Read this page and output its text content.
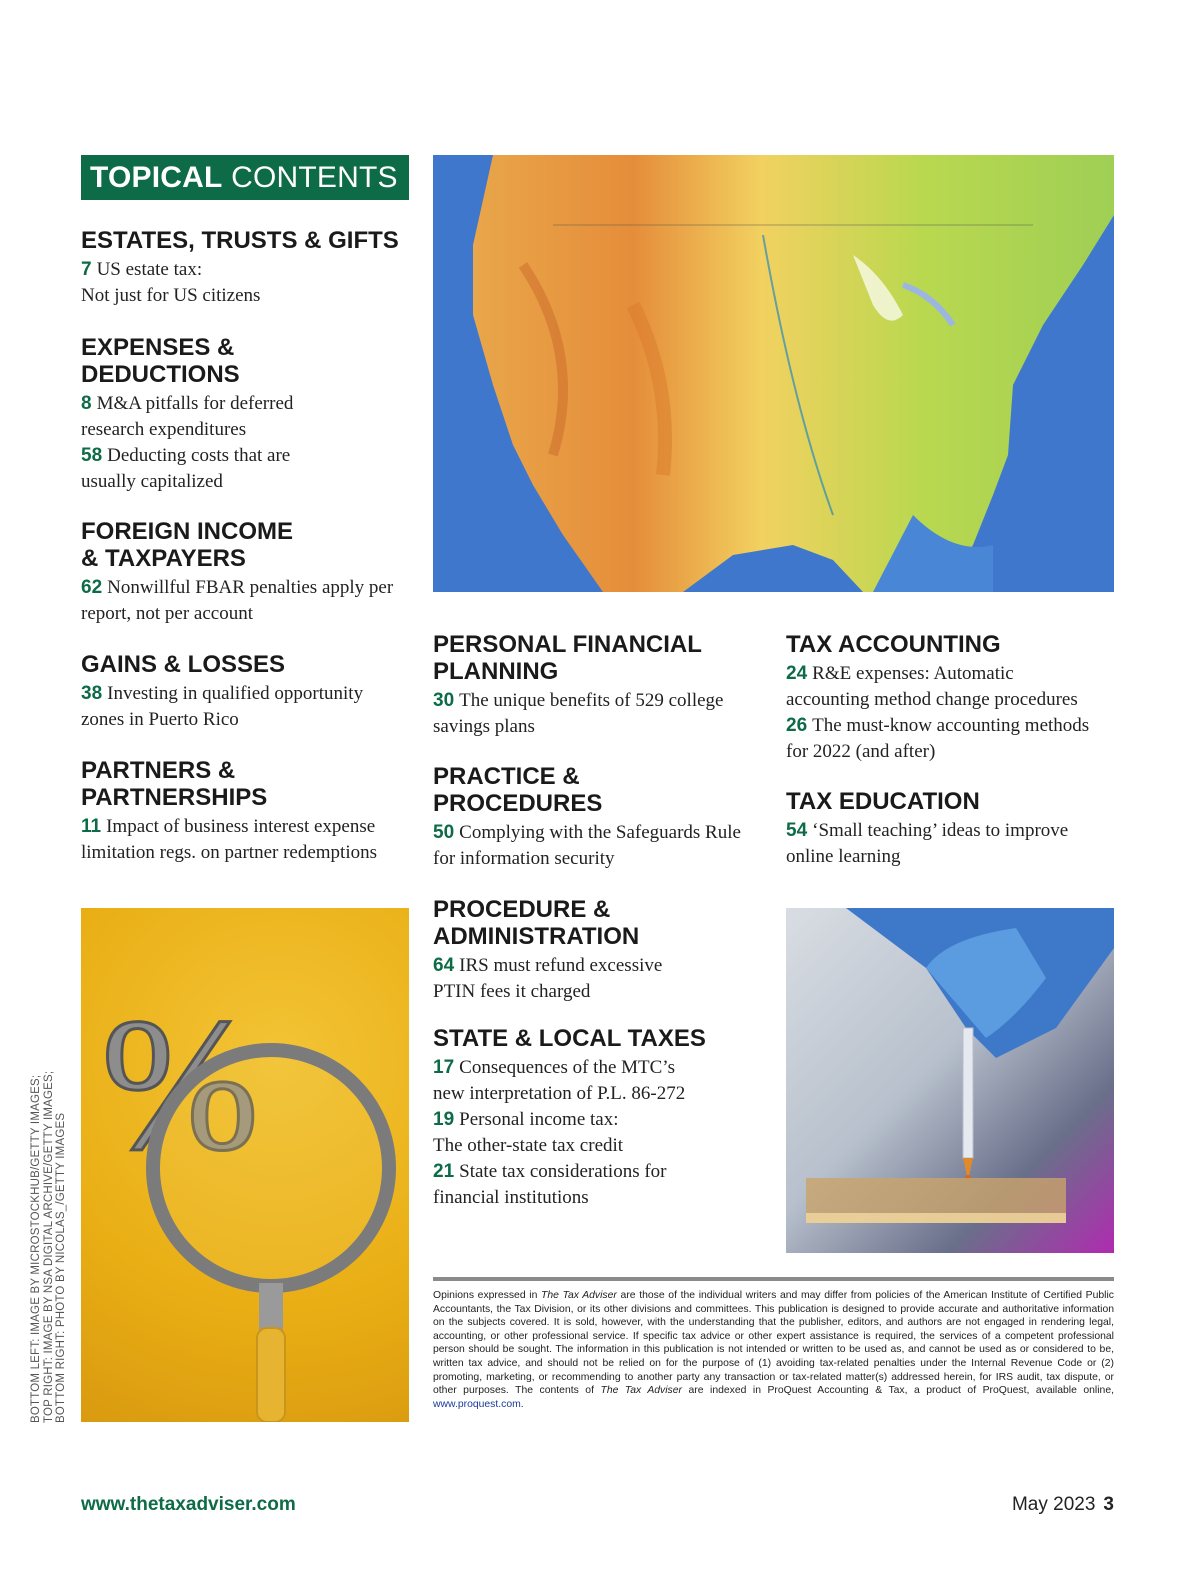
TOPICAL CONTENTS
ESTATES, TRUSTS & GIFTS
7 US estate tax:
Not just for US citizens
EXPENSES &
DEDUCTIONS
8 M&A pitfalls for deferred
research expenditures
58 Deducting costs that are
usually capitalized
FOREIGN INCOME
& TAXPAYERS
62 Nonwillful FBAR penalties apply per
report, not per account
GAINS & LOSSES
38 Investing in qualified opportunity
zones in Puerto Rico
PARTNERS &
PARTNERSHIPS
11 Impact of business interest expense
limitation regs. on partner redemptions
PERSONAL FINANCIAL
PLANNING
30 The unique benefits of 529 college
savings plans
PRACTICE &
PROCEDURES
50 Complying with the Safeguards Rule
for information security
PROCEDURE &
ADMINISTRATION
64 IRS must refund excessive
PTIN fees it charged
STATE & LOCAL TAXES
17 Consequences of the MTC’s
new interpretation of P.L. 86-272
19 Personal income tax:
The other-state tax credit
21 State tax considerations for
financial institutions
TAX ACCOUNTING
24 R&E expenses: Automatic
accounting method change procedures
26 The must-know accounting methods
for 2022 (and after)
TAX EDUCATION
54 ‘Small teaching’ ideas to improve
online learning
%
BOTTOM LEFT: IMAGE BY MICROSTOCKHUB/GETTY IMAGES; TOP RIGHT: IMAGE BY NSA DIGITAL ARCHIVE/GETTY IMAGES; BOTTOM RIGHT: PHOTO BY NICOLAS_/GETTY IMAGES	Opinions expressed in The Tax Adviser are those of the individual writers and may differ from policies of the American Institute of Certified Public Accountants, the Tax Division, or its other divisions and committees. This publication is designed to provide accurate and authoritative information on the subjects covered. It is sold, however, with the understanding that the publisher, editors, and authors are not engaged in rendering legal, accounting, or other professional service. If specific tax advice or other expert assistance is required, the services of a competent professional person should be sought. The information in this publication is not intended or written to be used as, and cannot be used as or considered to be, written tax advice, and should not be relied on for the purpose of (1) avoiding tax-related penalties under the Internal Revenue Code or (2) promoting, marketing, or recommending to another party any transaction or tax-related matter(s) addressed herein, for IRS audit, tax dispute, or other purposes. The contents of The Tax Adviser are indexed in ProQuest Accounting & Tax, a product of ProQuest, available online, www.proquest.com.
www.thetaxadviser.com	May 2023 3
